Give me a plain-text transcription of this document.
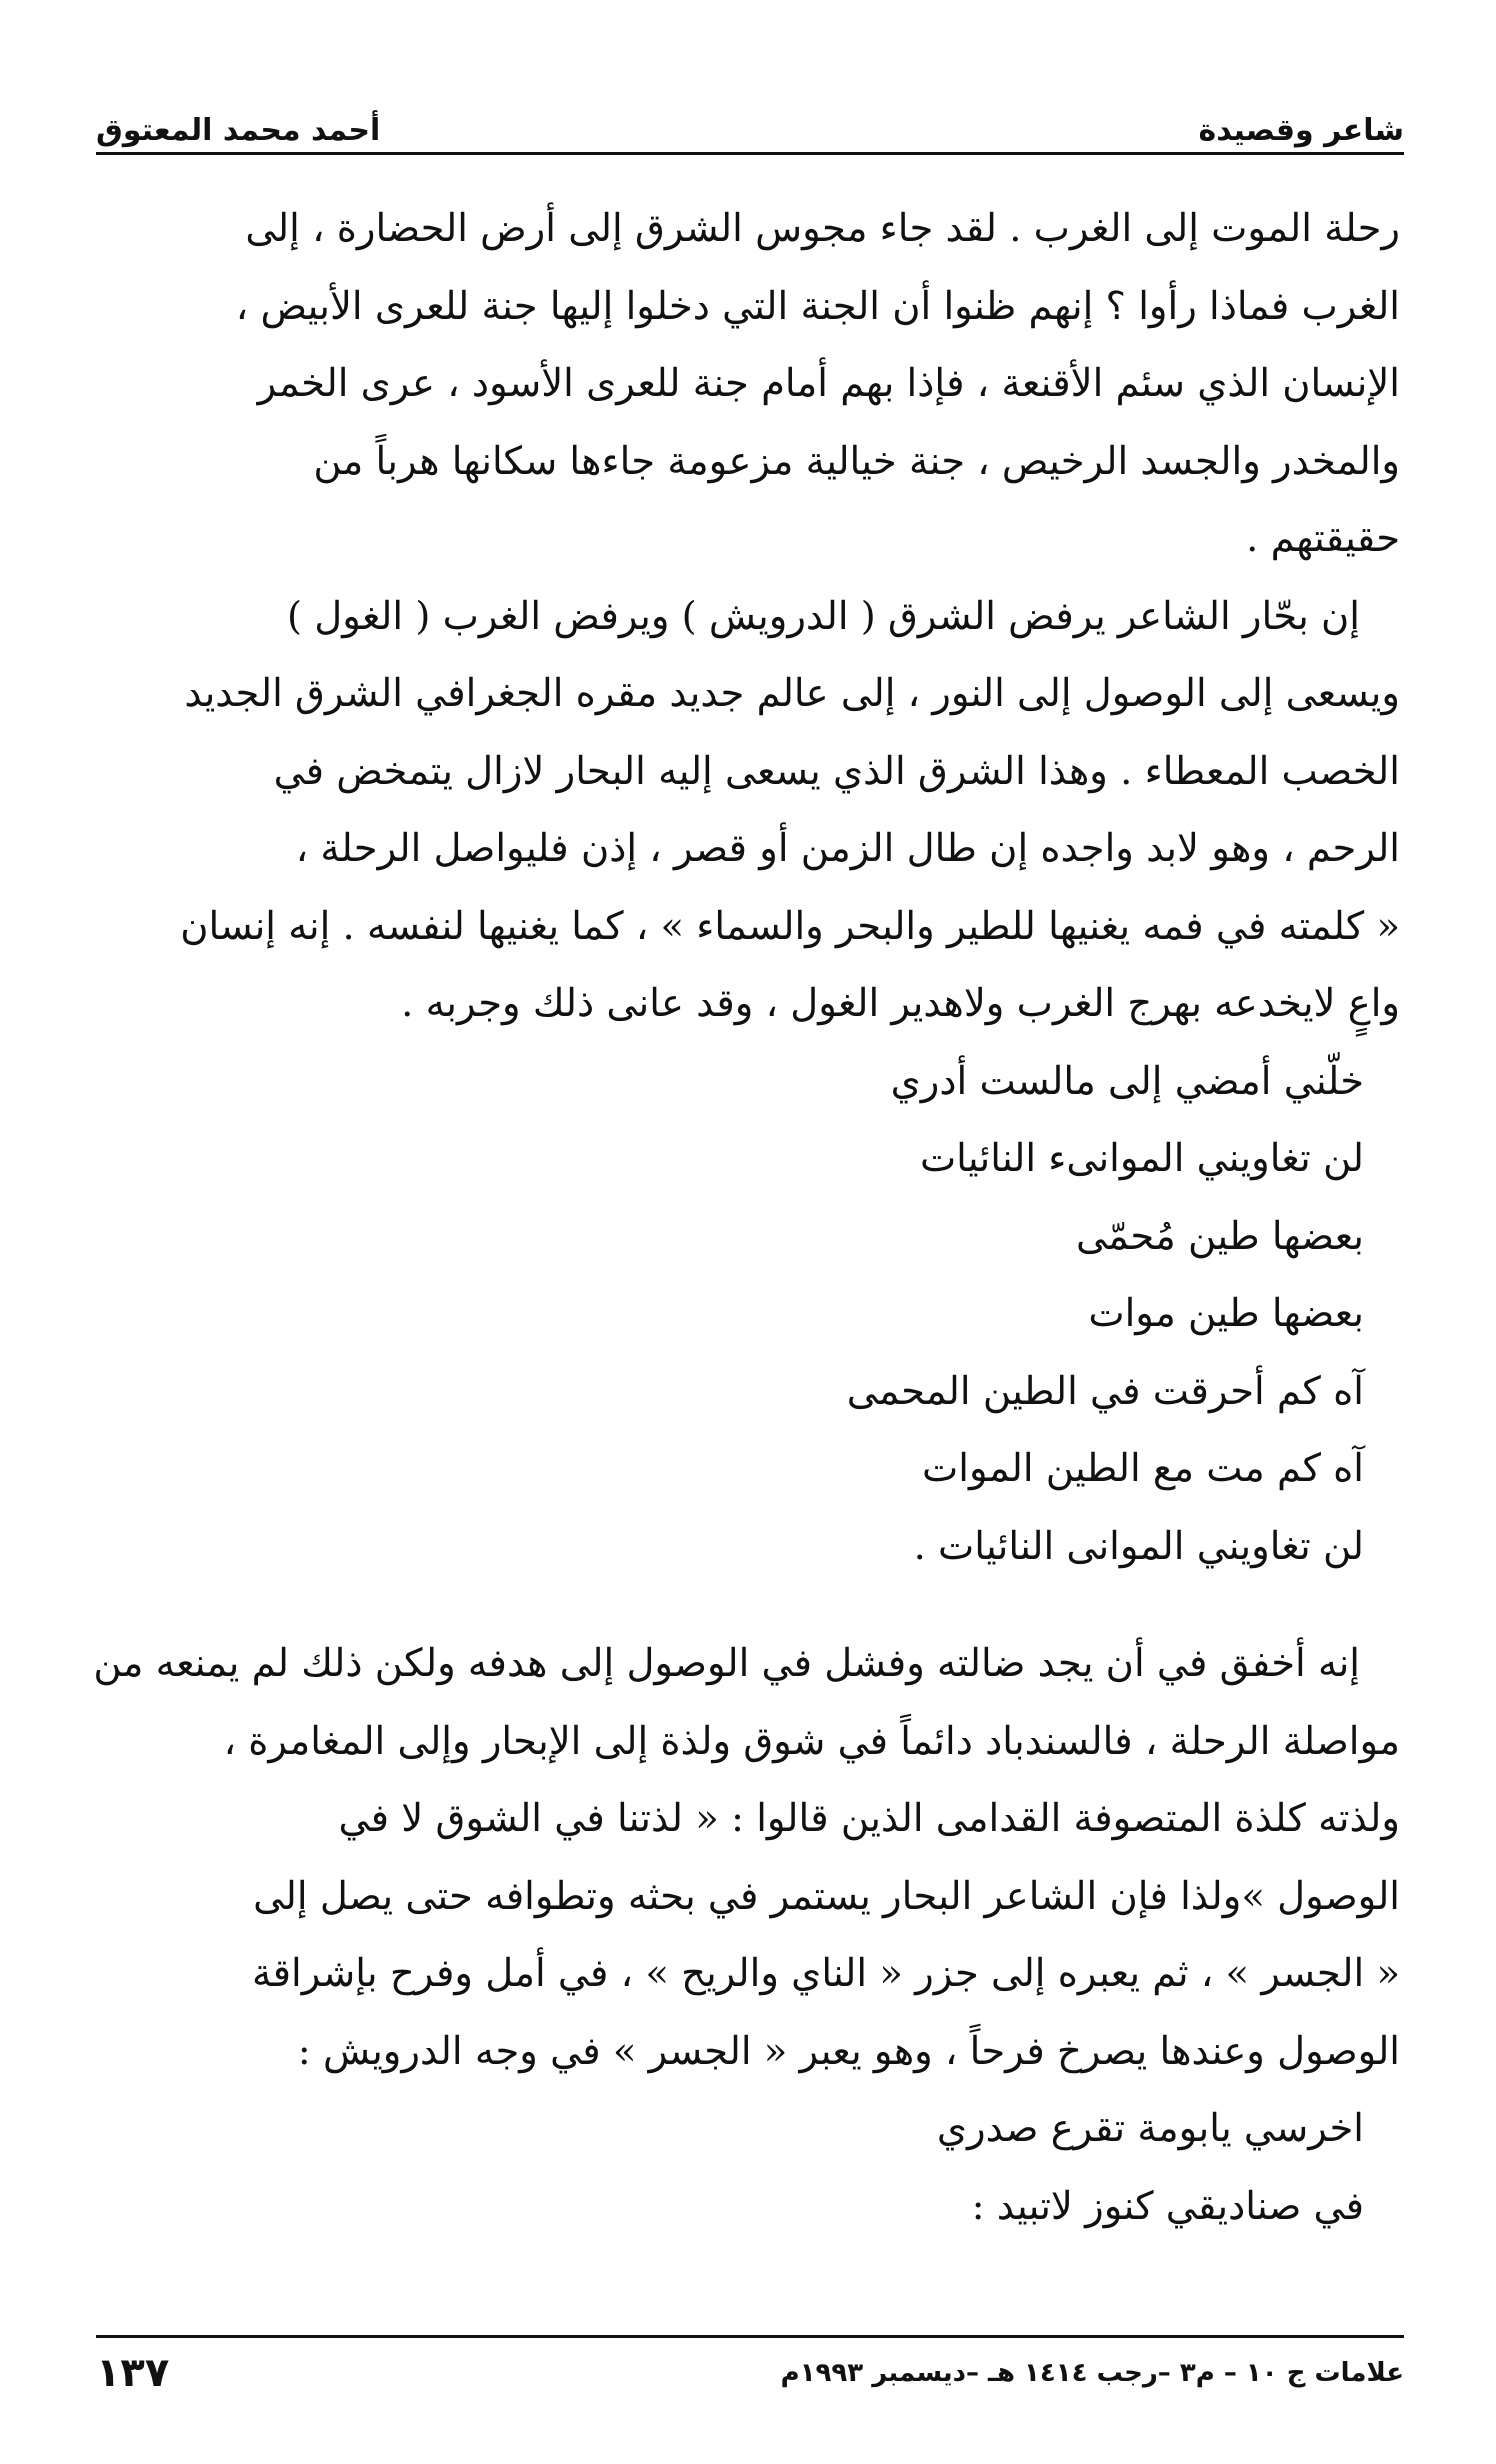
شاعر وقصيدة
أحمد محمد المعتوق

رحلة الموت إلى الغرب . لقد جاء مجوس الشرق إلى أرض الحضارة ، إلى
الغرب فماذا رأوا ؟ إنهم ظنوا أن الجنة التي دخلوا إليها جنة للعرى الأبيض ،
الإنسان الذي سئم الأقنعة ، فإذا بهم أمام جنة للعرى الأسود ، عرى الخمر
والمخدر والجسد الرخيص ، جنة خيالية مزعومة جاءها سكانها هرباً من
حقيقتهم .

إن بحّار الشاعر يرفض الشرق ( الدرويش ) ويرفض الغرب ( الغول )
ويسعى إلى الوصول إلى النور ، إلى عالم جديد مقره الجغرافي الشرق الجديد
الخصب المعطاء . وهذا الشرق الذي يسعى إليه البحار لازال يتمخض في
الرحم ، وهو لابد واجده إن طال الزمن أو قصر ، إذن فليواصل الرحلة ،
« كلمته في فمه يغنيها للطير والبحر والسماء » ، كما يغنيها لنفسه . إنه إنسان
واعٍ لايخدعه بهرج الغرب ولاهدير الغول ، وقد عانى ذلك وجربه .

خلّني أمضي إلى مالست أدري
لن تغاويني الموانىء النائيات
بعضها طين مُحمّى
بعضها طين موات
آه كم أحرقت في الطين المحمى
آه كم مت مع الطين الموات
لن تغاويني الموانى النائيات .

إنه أخفق في أن يجد ضالته وفشل في الوصول إلى هدفه ولكن ذلك لم يمنعه من
مواصلة الرحلة ، فالسندباد دائماً في شوق ولذة إلى الإبحار وإلى المغامرة ،
ولذته كلذة المتصوفة القدامى الذين قالوا : « لذتنا في الشوق لا في
الوصول »ولذا فإن الشاعر البحار يستمر في بحثه وتطوافه حتى يصل إلى
« الجسر » ، ثم يعبره إلى جزر « الناي والريح » ، في أمل وفرح بإشراقة
الوصول وعندها يصرخ فرحاً ، وهو يعبر « الجسر » في وجه الدرويش :

اخرسي يابومة تقرع صدري
في صناديقي كنوز لاتبيد :
علامات ج ١٠ – م٣ –رجب ١٤١٤ هـ –ديسمبر ١٩٩٣م
١٣٧
